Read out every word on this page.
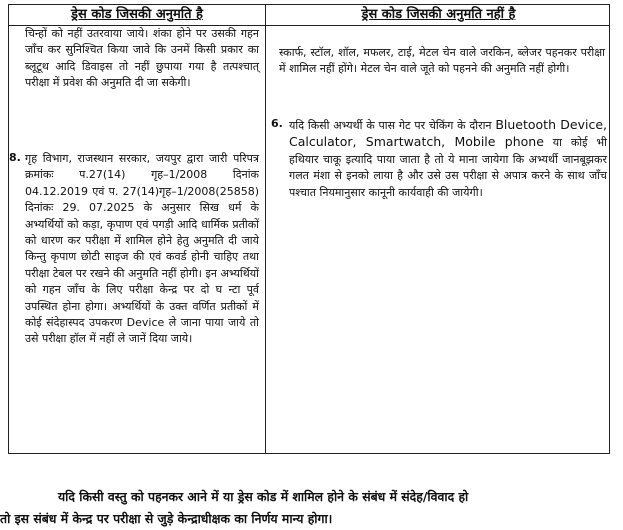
ड्रेस कोड जिसकी अनुमति है	ड्रेस कोड जिसकी अनुमति नहीं है
चिन्हों को नहीं उतरवाया जाये। शंका होने पर उसकी गहन जाँच कर सुनिश्चित किया जावे कि उनमें किसी प्रकार का ब्लूटूथ आदि डिवाइस तो नहीं छुपाया गया है तत्पश्चात् परीक्षा में प्रवेश की अनुमति दी जा सकेगी।
8. गृह विभाग, राजस्थान सरकार, जयपुर द्वारा जारी परिपत्र क्रमांकः प.27(14) गृह–1/2008 दिनांक 04.12.2019 एवं प. 27(14)गृह–1/2008(25858) दिनांकः 29. 07.2025 के अनुसार सिख धर्म के अभ्यर्थियों को कड़ा, कृपाण एवं पगड़ी आदि धार्मिक प्रतीकों को धारण कर परीक्षा में शामिल होने हेतु अनुमति दी जाये किन्तु कृपाण छोटी साइज की एवं कवर्ड होनी चाहिए तथा परीक्षा टेबल पर रखने की अनुमति नहीं होगी। इन अभ्यर्थियों को गहन जाँच के लिए परीक्षा केन्द्र पर दो घ न्टा पूर्व उपस्थित होना होगा। अभ्यर्थियों के उक्त वर्णित प्रतीकों में कोई संदेहास्पद उपकरण Device ले जाना पाया जाये तो उसे परीक्षा हॉल में नहीं ले जानें दिया जाये।
स्कार्फ, स्टॉल, शॉल, मफलर, टाई, मेटल चेन वाले जरकिन, ब्लेजर पहनकर परीक्षा में शामिल नहीं होंगे। मेटल चेन वाले जूते को पहनने की अनुमति नहीं होगी।
6. यदि किसी अभ्यर्थी के पास गेट पर चेकिंग के दौरान Bluetooth Device, Calculator, Smartwatch, Mobile phone या कोई भी हथियार चाकू इत्यादि पाया जाता है तो ये माना जायेगा कि अभ्यर्थी जानबूझकर गलत मंशा से इनको लाया है और उसे उस परीक्षा से अपात्र करने के साथ जाँच पश्चात नियमानुसार कानूनी कार्यवाही की जायेगी।
यदि किसी वस्तु को पहनकर आने में या ड्रेस कोड में शामिल होने के संबंध में संदेह/विवाद हो
तो इस संबंध में केन्द्र पर परीक्षा से जुड़े केन्द्राधीक्षक का निर्णय मान्य होगा।
